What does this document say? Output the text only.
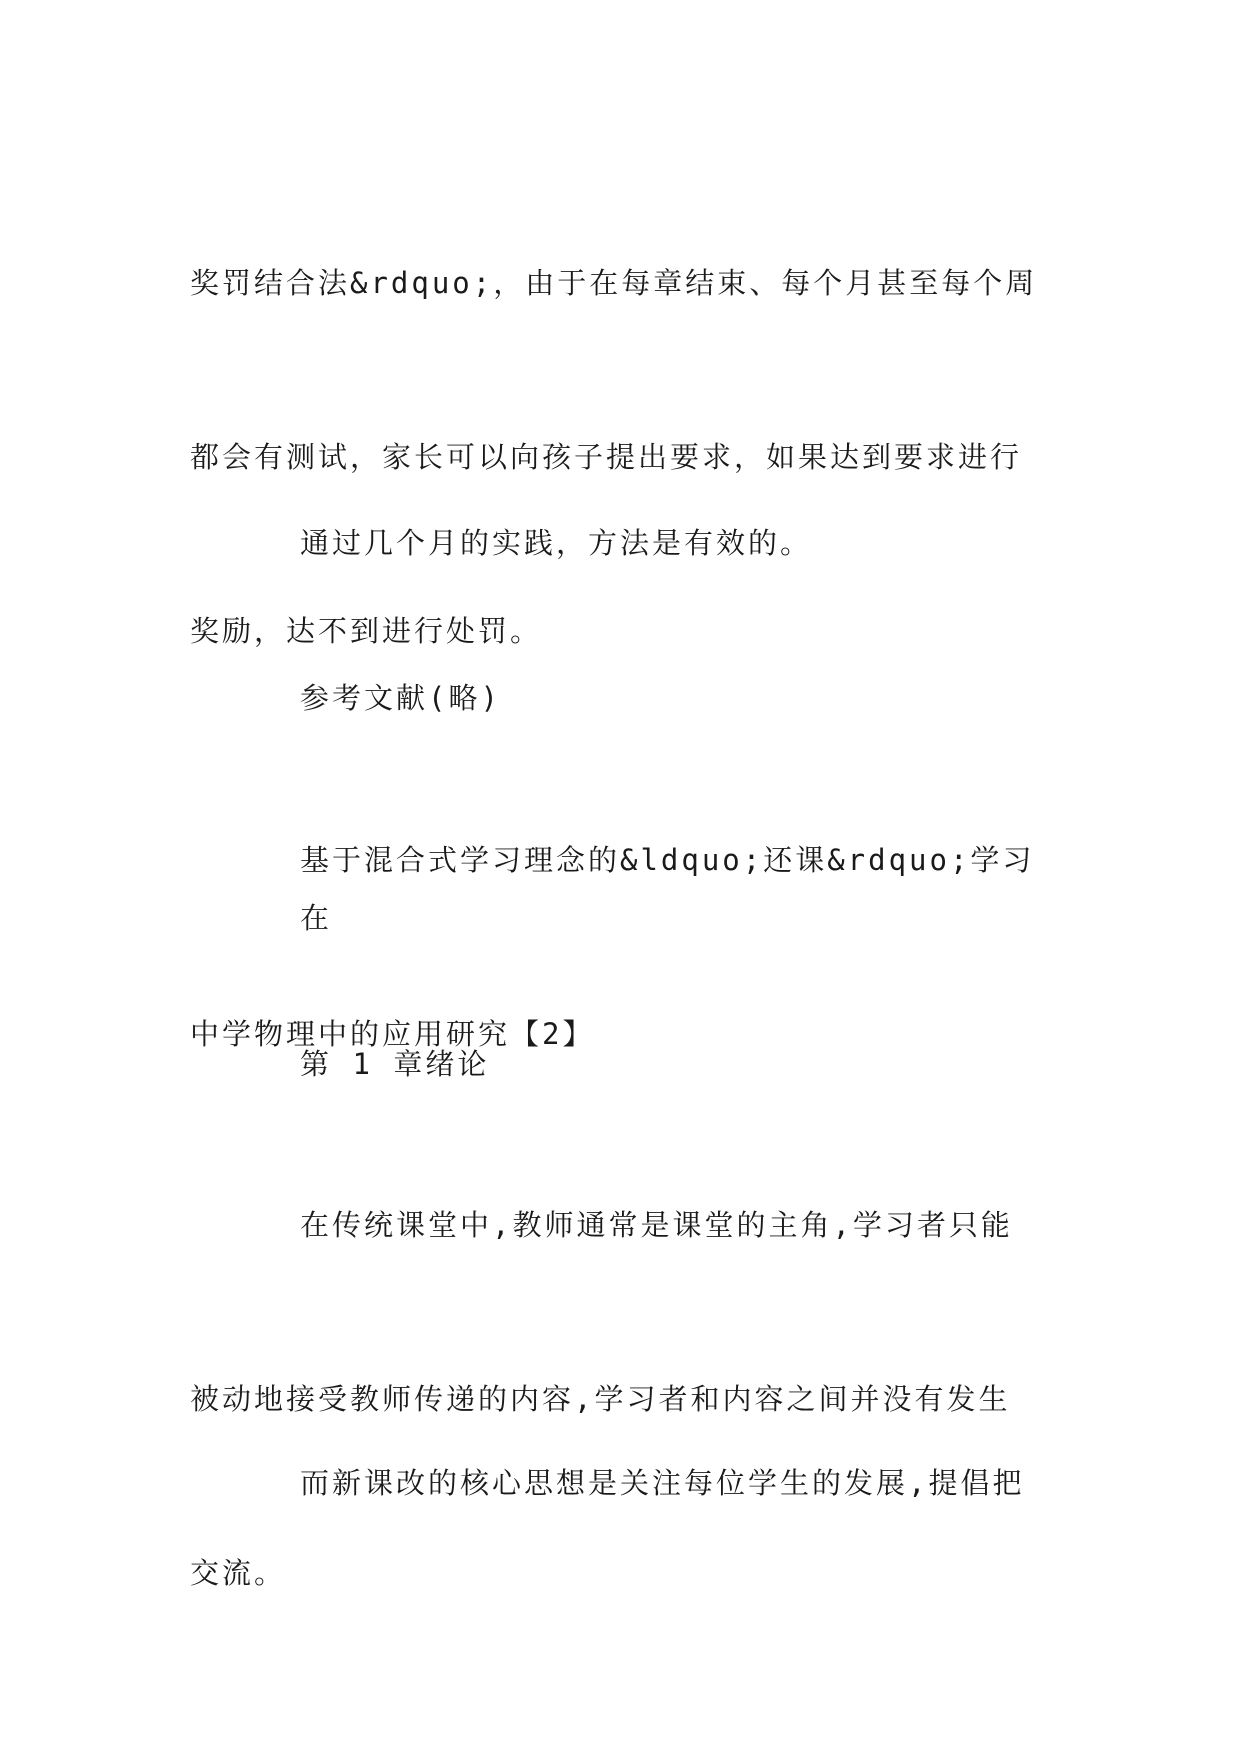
奖罚结合法&rdquo;，由于在每章结束、每个月甚至每个周

都会有测试，家长可以向孩子提出要求，如果达到要求进行

奖励，达不到进行处罚。

通过几个月的实践，方法是有效的。

参考文献(略)

基于混合式学习理念的&ldquo;还课&rdquo;学习在

中学物理中的应用研究【2】

第 1 章绪论

在传统课堂中,教师通常是课堂的主角,学习者只能

被动地接受教师传递的内容,学习者和内容之间并没有发生

交流。

而新课改的核心思想是关注每位学生的发展,提倡把
